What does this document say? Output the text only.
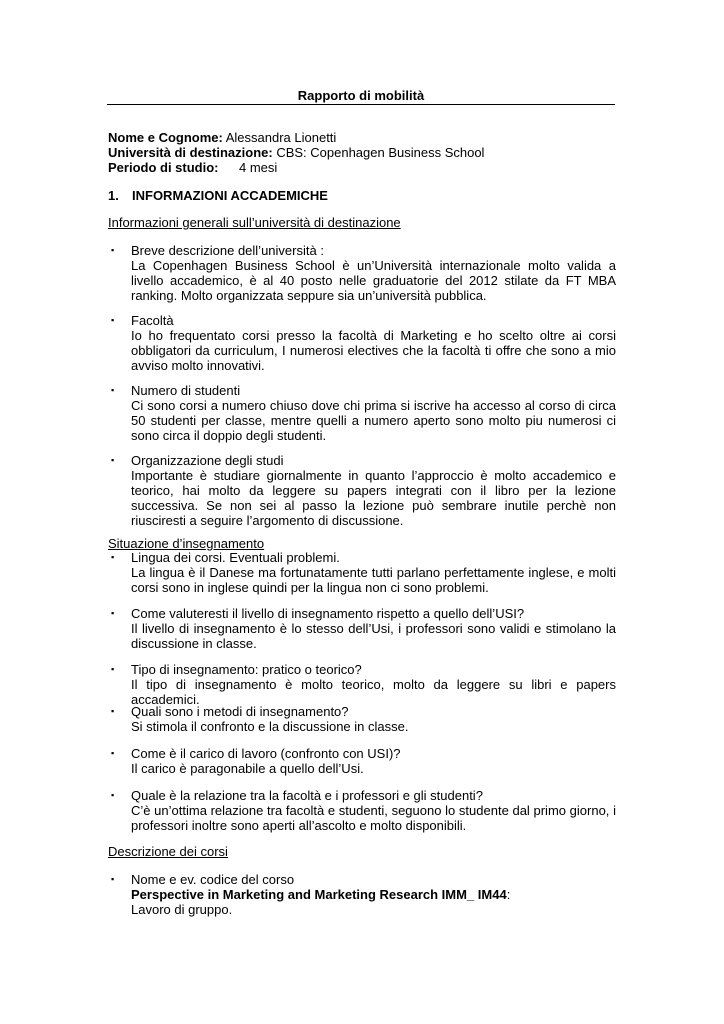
Rapporto di mobilità
Nome e Cognome: Alessandra Lionetti
Università di destinazione: CBS: Copenhagen Business School
Periodo di studio: 4 mesi
1. INFORMAZIONI ACCADEMICHE
Informazioni generali sull’università di destinazione
▪ Breve descrizione dell’università :
La Copenhagen Business School è un’Università internazionale molto valida a livello accademico, è al 40 posto nelle graduatorie del 2012 stilate da FT MBA ranking. Molto organizzata seppure sia un’università pubblica.
▪ Facoltà
Io ho frequentato corsi presso la facoltà di Marketing e ho scelto oltre ai corsi obbligatori da curriculum, I numerosi electives che la facoltà ti offre che sono a mio avviso molto innovativi.
▪ Numero di studenti
Ci sono corsi a numero chiuso dove chi prima si iscrive ha accesso al corso di circa 50 studenti per classe, mentre quelli a numero aperto sono molto piu numerosi ci sono circa il doppio degli studenti.
▪ Organizzazione degli studi
Importante è studiare giornalmente in quanto l’approccio è molto accademico e teorico, hai molto da leggere su papers integrati con il libro per la lezione successiva. Se non sei al passo la lezione può sembrare inutile perchè non riusciresti a seguire l’argomento di discussione.
Situazione d’insegnamento
▪ Lingua dei corsi. Eventuali problemi.
La lingua è il Danese ma fortunatamente tutti parlano perfettamente inglese, e molti corsi sono in inglese quindi per la lingua non ci sono problemi.
▪ Come valuteresti il livello di insegnamento rispetto a quello dell’USI?
Il livello di insegnamento è lo stesso dell’Usi, i professori sono validi e stimolano la discussione in classe.
▪ Tipo di insegnamento: pratico o teorico?
Il tipo di insegnamento è molto teorico, molto da leggere su libri e papers accademici.
▪ Quali sono i metodi di insegnamento?
Si stimola il confronto e la discussione in classe.
▪ Come è il carico di lavoro (confronto con USI)?
Il carico è paragonabile a quello dell’Usi.
▪ Quale è la relazione tra la facoltà e i professori e gli studenti?
C’è un’ottima relazione tra facoltà e studenti, seguono lo studente dal primo giorno, i professori inoltre sono aperti all’ascolto e molto disponibili.
Descrizione dei corsi
▪ Nome e ev. codice del corso
Perspective in Marketing and Marketing Research IMM_ IM44:
Lavoro di gruppo.
